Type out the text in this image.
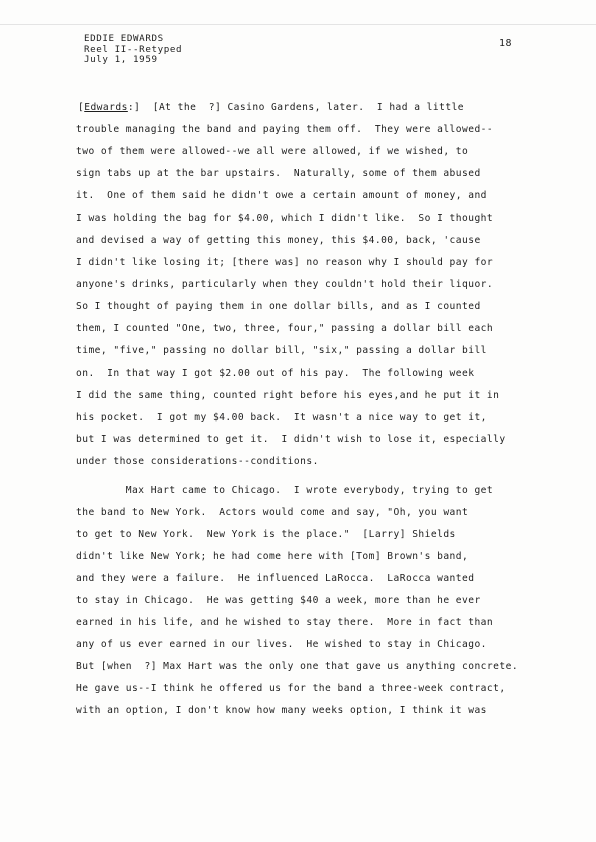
EDDIE EDWARDS
Reel II--Retyped
July 1, 1959
18
[Edwards:]  [At the  ?] Casino Gardens, later.  I had a little
trouble managing the band and paying them off.  They were allowed--
two of them were allowed--we all were allowed, if we wished, to
sign tabs up at the bar upstairs.  Naturally, some of them abused
it.  One of them said he didn't owe a certain amount of money, and
I was holding the bag for $4.00, which I didn't like.  So I thought
and devised a way of getting this money, this $4.00, back, 'cause
I didn't like losing it; [there was] no reason why I should pay for
anyone's drinks, particularly when they couldn't hold their liquor.
So I thought of paying them in one dollar bills, and as I counted
them, I counted "One, two, three, four," passing a dollar bill each
time, "five," passing no dollar bill, "six," passing a dollar bill
on.  In that way I got $2.00 out of his pay.  The following week
I did the same thing, counted right before his eyes,and he put it in
his pocket.  I got my $4.00 back.  It wasn't a nice way to get it,
but I was determined to get it.  I didn't wish to lose it, especially
under those considerations--conditions.
Max Hart came to Chicago.  I wrote everybody, trying to get
the band to New York.  Actors would come and say, "Oh, you want
to get to New York.  New York is the place."  [Larry] Shields
didn't like New York; he had come here with [Tom] Brown's band,
and they were a failure.  He influenced LaRocca.  LaRocca wanted
to stay in Chicago.  He was getting $40 a week, more than he ever
earned in his life, and he wished to stay there.  More in fact than
any of us ever earned in our lives.  He wished to stay in Chicago.
But [when  ?] Max Hart was the only one that gave us anything concrete.
He gave us--I think he offered us for the band a three-week contract,
with an option, I don't know how many weeks option, I think it was
